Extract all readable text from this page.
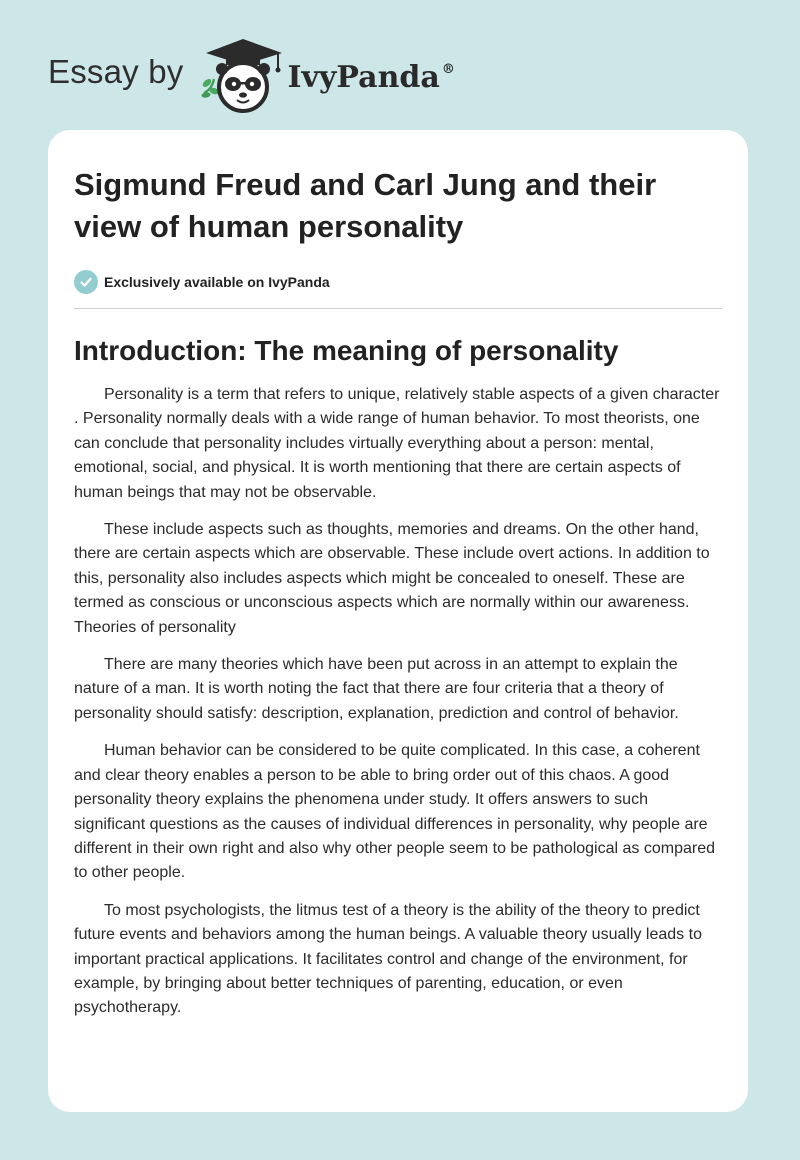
Essay by	IvyPanda ®
Sigmund Freud and Carl Jung and their view of human personality
Exclusively available on IvyPanda
Introduction: The meaning of personality

Personality is a term that refers to unique, relatively stable aspects of a given character . Personality normally deals with a wide range of human behavior. To most theorists, one can conclude that personality includes virtually everything about a person: mental, emotional, social, and physical. It is worth mentioning that there are certain aspects of human beings that may not be observable.

These include aspects such as thoughts, memories and dreams. On the other hand, there are certain aspects which are observable. These include overt actions. In addition to this, personality also includes aspects which might be concealed to oneself. These are termed as conscious or unconscious aspects which are normally within our awareness. Theories of personality

There are many theories which have been put across in an attempt to explain the nature of a man. It is worth noting the fact that there are four criteria that a theory of personality should satisfy: description, explanation, prediction and control of behavior.

Human behavior can be considered to be quite complicated. In this case, a coherent and clear theory enables a person to be able to bring order out of this chaos. A good personality theory explains the phenomena under study. It offers answers to such significant questions as the causes of individual differences in personality, why people are different in their own right and also why other people seem to be pathological as compared to other people.

To most psychologists, the litmus test of a theory is the ability of the theory to predict future events and behaviors among the human beings. A valuable theory usually leads to important practical applications. It facilitates control and change of the environment, for example, by bringing about better techniques of parenting, education, or even psychotherapy.
